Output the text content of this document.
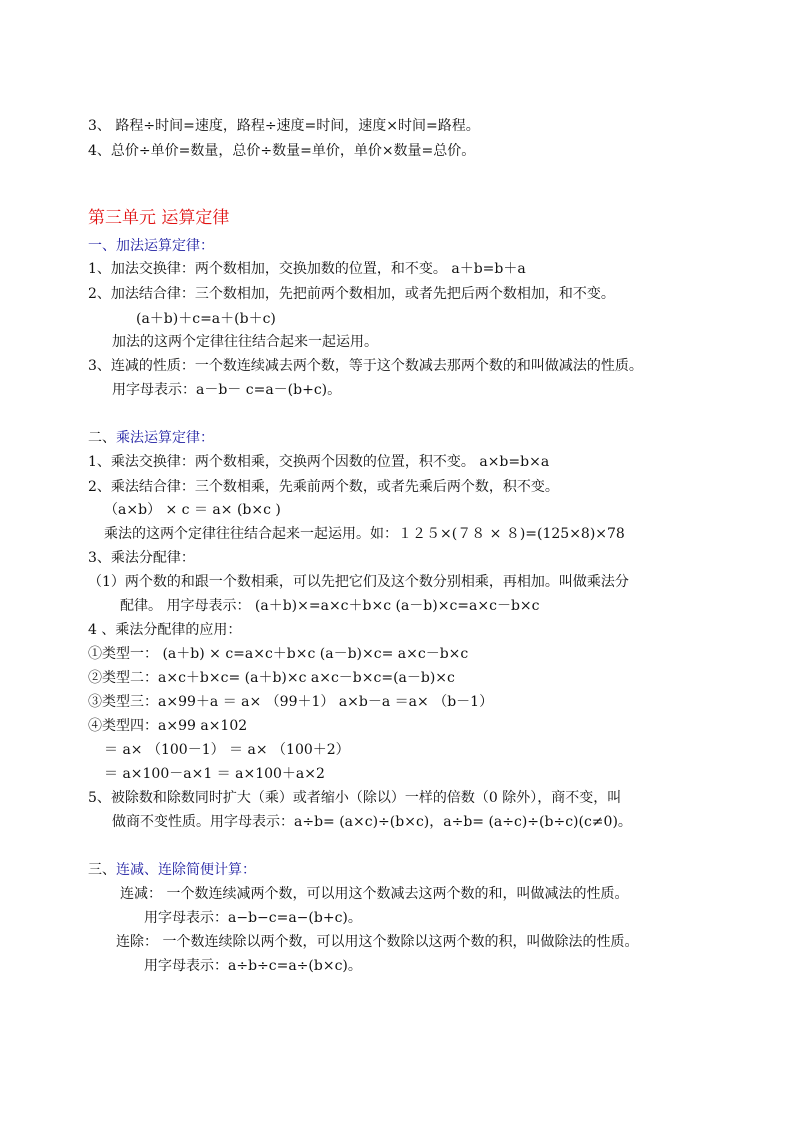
3、 路程÷时间=速度，路程÷速度=时间，速度×时间=路程。
4、总价÷单价=数量，总价÷数量=单价，单价×数量=总价。
第三单元 运算定律
一、加法运算定律：
1、加法交换律：两个数相加，交换加数的位置，和不变。 a＋b=b＋a
2、加法结合律：三个数相加，先把前两个数相加，或者先把后两个数相加，和不变。
(a＋b)＋c=a＋(b＋c)
加法的这两个定律往往结合起来一起运用。
3、连减的性质：一个数连续减去两个数，等于这个数减去那两个数的和叫做减法的性质。
用字母表示：a－b－ c=a－(b+c)。
二、乘法运算定律：
1、乘法交换律：两个数相乘，交换两个因数的位置，积不变。 a×b=b×a
2、乘法结合律：三个数相乘，先乘前两个数，或者先乘后两个数，积不变。
（a×b） × c ＝ a× (b×c )
乘法的这两个定律往往结合起来一起运用。如：１２５×(７８ × ８)=(125×8)×78
3、乘法分配律：
（1）两个数的和跟一个数相乘，可以先把它们及这个数分别相乘，再相加。叫做乘法分
配律。 用字母表示： (a＋b)×=a×c＋b×c (a－b)×c=a×c－b×c
4 、乘法分配律的应用：
①类型一： (a＋b) × c=a×c＋b×c (a－b)×c= a×c－b×c
②类型二：a×c＋b×c= (a＋b)×c a×c－b×c=(a－b)×c
③类型三：a×99＋a ＝ a× （99＋1） a×b－a ＝a× （b－1）
④类型四：a×99 a×102
＝ a× （100－1） ＝ a× （100＋2）
＝ a×100－a×1 ＝ a×100＋a×2
5、被除数和除数同时扩大（乘）或者缩小（除以）一样的倍数（0 除外），商不变，叫
做商不变性质。用字母表示：a÷b= (a×c)÷(b×c)，a÷b= (a÷c)÷(b÷c)(c≠0)。
三、连减、连除简便计算：
连减： 一个数连续减两个数，可以用这个数减去这两个数的和，叫做减法的性质。
用字母表示：a−b−c=a−(b+c)。
连除： 一个数连续除以两个数，可以用这个数除以这两个数的积，叫做除法的性质。
用字母表示：a÷b÷c=a÷(b×c)。
